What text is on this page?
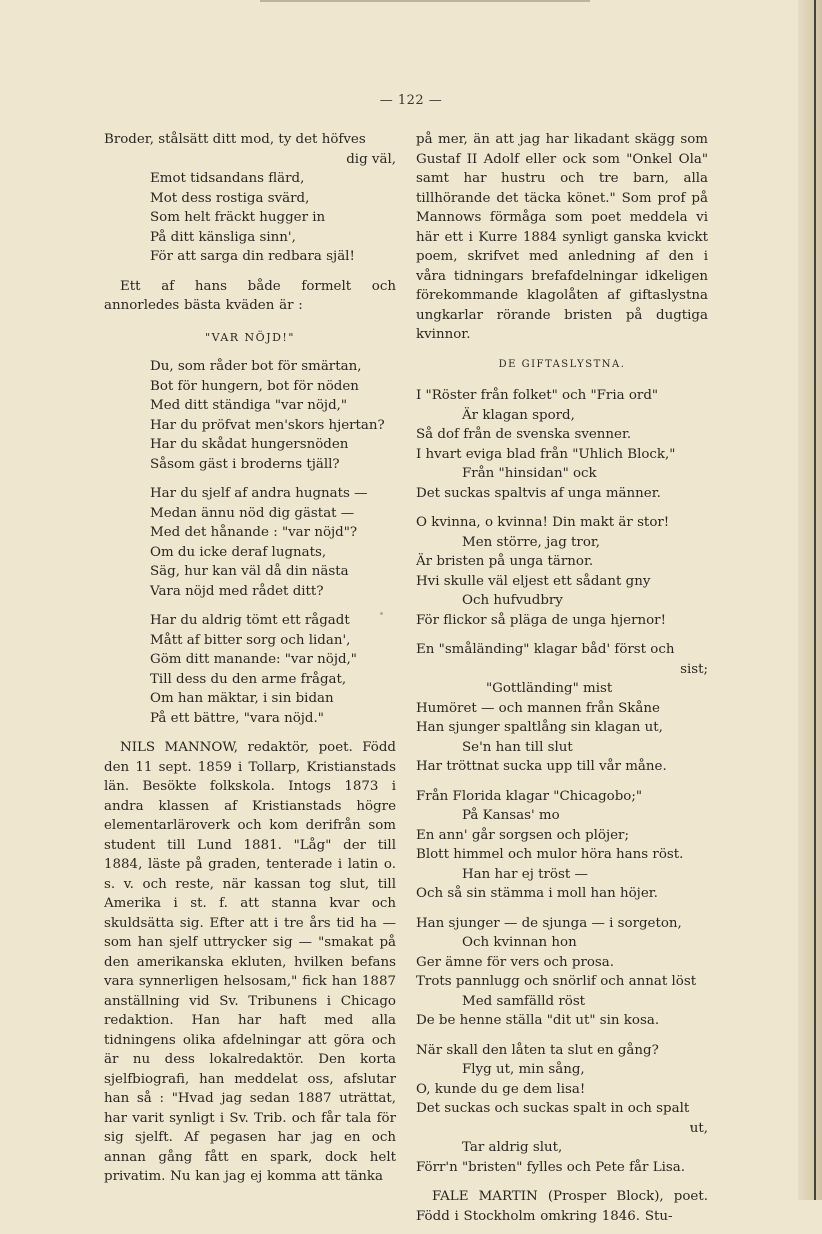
— 122 —
Broder, stålsätt ditt mod, ty det höfves
dig väl,
Emot tidsandans flärd,
Mot dess rostiga svärd,
Som helt fräckt hugger in
På ditt känsliga sinn',
För att sarga din redbara själ!

Ett af hans både formelt och annorledes bästa kväden är :

"VAR NÖJD!"
Du, som råder bot för smärtan,
Bot för hungern, bot för nöden
Med ditt ständiga "var nöjd,"
Har du pröfvat men'skors hjertan?
Har du skådat hungersnöden
Såsom gäst i broderns tjäll?
Har du sjelf af andra hugnats —
Medan ännu nöd dig gästat —
Med det hånande : "var nöjd"?
Om du icke deraf lugnats,
Säg, hur kan väl då din nästa
Vara nöjd med rådet ditt?
Har du aldrig tömt ett rågadt
Mått af bitter sorg och lidan',
Göm ditt manande: "var nöjd,"
Till dess du den arme frågat,
Om han mäktar, i sin bidan
På ett bättre, "vara nöjd."

NILS MANNOW, redaktör, poet. Född den 11 sept. 1859 i Tollarp, Kristianstads län. Besökte folkskola. Intogs 1873 i andra klassen af Kristianstads högre elementarläroverk och kom derifrån som student till Lund 1881. "Låg" der till 1884, läste på graden, tenterade i latin o. s. v. och reste, när kassan tog slut, till Amerika i st. f. att stanna kvar och skuldsätta sig. Efter att i tre års tid ha — som han sjelf uttrycker sig — "smakat på den amerikanska ekluten, hvilken befans vara synnerligen helsosam," fick han 1887 anställning vid Sv. Tribunens i Chicago redaktion. Han har haft med alla tidningens olika afdelningar att göra och är nu dess lokalredaktör. Den korta sjelfbiografi, han meddelat oss, afslutar han så : "Hvad jag sedan 1887 uträttat, har varit synligt i Sv. Trib. och får tala för sig sjelft. Af pegasen har jag en och annan gång fått en spark, dock helt privatim. Nu kan jag ej komma att tänka

på mer, än att jag har likadant skägg som Gustaf II Adolf eller ock som "Onkel Ola" samt har hustru och tre barn, alla tillhörande det täcka könet." Som prof på Mannows förmåga som poet meddela vi här ett i Kurre 1884 synligt ganska kvickt poem, skrifvet med anledning af den i våra tidningars brefafdelningar idkeligen förekommande klagolåten af giftaslystna ungkarlar rörande bristen på dugtiga kvinnor.

DE GIFTASLYSTNA.
I "Röster från folket" och "Fria ord"
Är klagan spord,
Så dof från de svenska svenner.
I hvart eviga blad från "Uhlich Block,"
Från "hinsidan" ock
Det suckas spaltvis af unga männer.
O kvinna, o kvinna! Din makt är stor!
Men större, jag tror,
Är bristen på unga tärnor.
Hvi skulle väl eljest ett sådant gny
Och hufvudbry
För flickor så pläga de unga hjernor!
En "småländing" klagar båd' först och
sist;
"Gottländing" mist
Humöret — och mannen från Skåne
Han sjunger spaltlång sin klagan ut,
Se'n han till slut
Har tröttnat sucka upp till vår måne.
Från Florida klagar "Chicagobo;"
På Kansas' mo
En ann' går sorgsen och plöjer;
Blott himmel och mulor höra hans röst.
Han har ej tröst —
Och så sin stämma i moll han höjer.
Han sjunger — de sjunga — i sorgeton,
Och kvinnan hon
Ger ämne för vers och prosa.
Trots pannlugg och snörlif och annat löst
Med samfälld röst
De be henne ställa "dit ut" sin kosa.
När skall den låten ta slut en gång?
Flyg ut, min sång,
O, kunde du ge dem lisa!
Det suckas och suckas spalt in och spalt
ut,
Tar aldrig slut,
Förr'n "bristen" fylles och Pete får Lisa.

FALE MARTIN (Prosper Block), poet. Född i Stockholm omkring 1846. Stu-
